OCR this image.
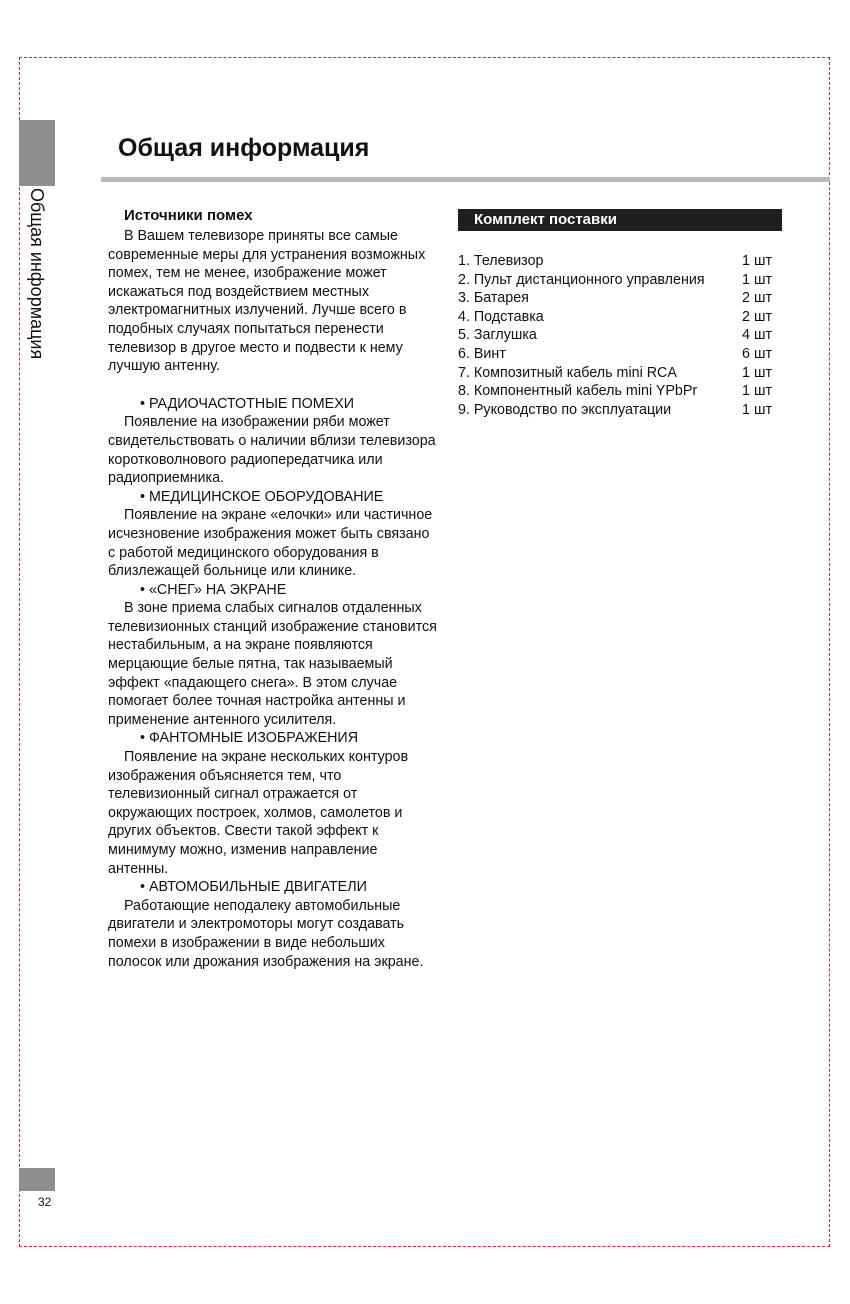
Общая информация
Общая информация
Источники помех

В Вашем телевизоре приняты все самые современные меры для устранения возможных помех, тем не менее, изображение может искажаться под воздействием местных электромагнитных излучений. Лучше всего в подобных случаях попытаться перенести телевизор в другое место и подвести к нему лучшую антенну.

• РАДИОЧАСТОТНЫЕ ПОМЕХИ

Появление на изображении ряби может свидетельствовать о наличии вблизи телевизора коротковолнового радиопередатчика или радиоприемника.

• МЕДИЦИНСКОЕ ОБОРУДОВАНИЕ

Появление на экране «елочки» или частичное исчезновение изображения может быть связано с работой медицинского оборудования в близлежащей больнице или клинике.

• «СНЕГ» НА ЭКРАНЕ

В зоне приема слабых сигналов отдаленных телевизионных станций изображение становится нестабильным, а на экране появляются мерцающие белые пятна, так называемый эффект «падающего снега». В этом случае помогает более точная настройка антенны и применение антенного усилителя.

• ФАНТОМНЫЕ ИЗОБРАЖЕНИЯ

Появление на экране нескольких контуров изображения объясняется тем, что телевизионный сигнал отражается от окружающих построек, холмов, самолетов и других объектов. Свести такой эффект к минимуму можно, изменив направление антенны.

• АВТОМОБИЛЬНЫЕ ДВИГАТЕЛИ

Работающие неподалеку автомобильные двигатели и электромоторы могут создавать помехи в изображении в виде небольших полосок или дрожания изображения на экране.

Комплект поставки
1. Телевизор	1 шт
2. Пульт дистанционного управления	1 шт
3. Батарея	2 шт
4. Подставка	2 шт
5. Заглушка	4 шт
6. Винт	6 шт
7. Композитный кабель mini RCA	1 шт
8. Компонентный кабель mini YPbPr	1 шт
9. Руководство по эксплуатации	1 шт
32
